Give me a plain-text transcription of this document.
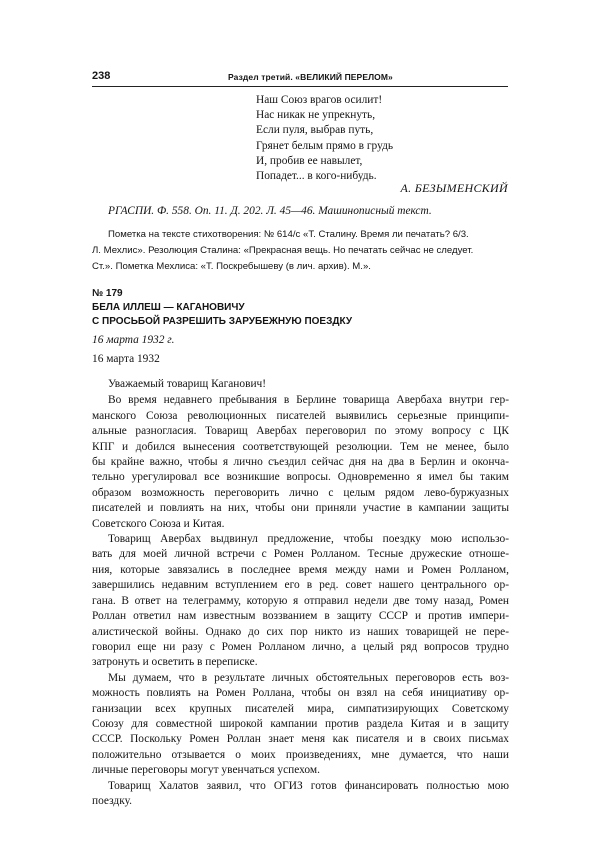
238	Раздел третий. «ВЕЛИКИЙ ПЕРЕЛОМ»
Наш Союз врагов осилит!
Нас никак не упрекнуть,
Если пуля, выбрав путь,
Грянет белым прямо в грудь
И, пробив ее навылет,
Попадет... в кого-нибудь.
А. БЕЗЫМЕНСКИЙ
РГАСПИ. Ф. 558. Оп. 11. Д. 202. Л. 45—46. Машинописный текст.
Пометка на тексте стихотворения: № 614/с «Т. Сталину. Время ли печатать? 6/3.
Л. Мехлис». Резолюция Сталина: «Прекрасная вещь. Но печатать сейчас не следует.
Ст.». Пометка Мехлиса: «Т. Поскребышеву (в лич. архив). М.».
№ 179
БЕЛА ИЛЛЕШ — КАГАНОВИЧУ
С ПРОСЬБОЙ РАЗРЕШИТЬ ЗАРУБЕЖНУЮ ПОЕЗДКУ
16 марта 1932 г.
16 марта 1932

Уважаемый товарищ Каганович!

Во время недавнего пребывания в Берлине товарища Авербаха внутри гер-
манского Союза революционных писателей выявились серьезные принципи-
альные разногласия. Товарищ Авербах переговорил по этому вопросу с ЦК
КПГ и добился вынесения соответствующей резолюции. Тем не менее, было
бы крайне важно, чтобы я лично съездил сейчас дня на два в Берлин и оконча-
тельно урегулировал все возникшие вопросы. Одновременно я имел бы таким
образом возможность переговорить лично с целым рядом лево-буржуазных
писателей и повлиять на них, чтобы они приняли участие в кампании защиты
Советского Союза и Китая.

Товарищ Авербах выдвинул предложение, чтобы поездку мою использо-
вать для моей личной встречи с Ромен Ролланом. Тесные дружеские отноше-
ния, которые завязались в последнее время между нами и Ромен Ролланом,
завершились недавним вступлением его в ред. совет нашего центрального ор-
гана. В ответ на телеграмму, которую я отправил недели две тому назад, Ромен
Роллан ответил нам известным воззванием в защиту СССР и против импери-
алистической войны. Однако до сих пор никто из наших товарищей не пере-
говорил еще ни разу с Ромен Ролланом лично, а целый ряд вопросов трудно
затронуть и осветить в переписке.

Мы думаем, что в результате личных обстоятельных переговоров есть воз-
можность повлиять на Ромен Роллана, чтобы он взял на себя инициативу ор-
ганизации всех крупных писателей мира, симпатизирующих Советскому
Союзу для совместной широкой кампании против раздела Китая и в защиту
СССР. Поскольку Ромен Роллан знает меня как писателя и в своих письмах
положительно отзывается о моих произведениях, мне думается, что наши
личные переговоры могут увенчаться успехом.

Товарищ Халатов заявил, что ОГИЗ готов финансировать полностью мою
поездку.
